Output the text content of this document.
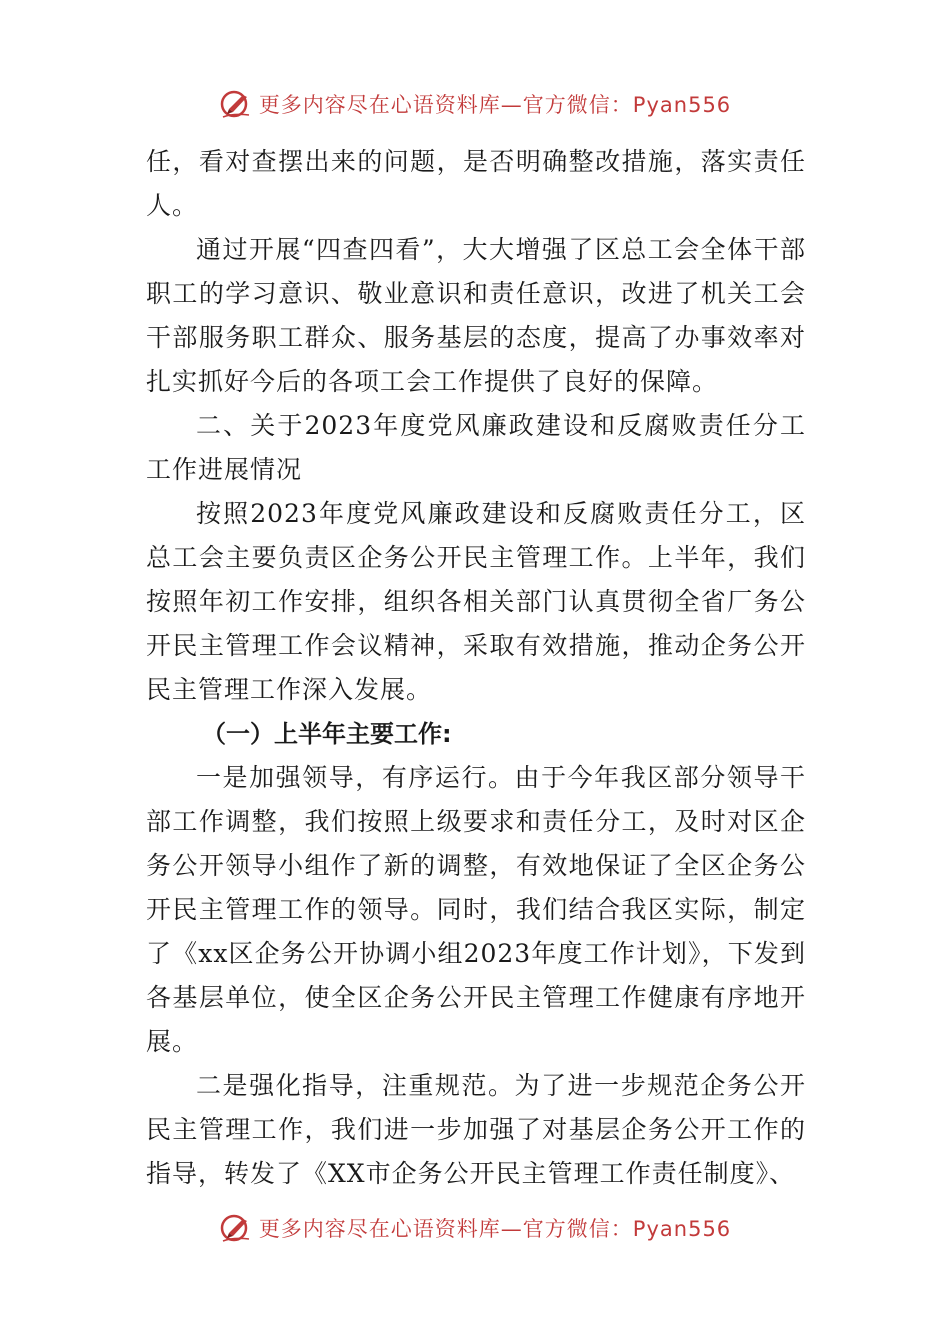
更多内容尽在心语资料库—官方微信：Pyan556

任，看对查摆出来的问题，是否明确整改措施，落实责任人。

通过开展“四查四看”，大大增强了区总工会全体干部职工的学习意识、敬业意识和责任意识，改进了机关工会干部服务职工群众、服务基层的态度，提高了办事效率对扎实抓好今后的各项工会工作提供了良好的保障。

二、关于2023年度党风廉政建设和反腐败责任分工工作进展情况

按照2023年度党风廉政建设和反腐败责任分工，区总工会主要负责区企务公开民主管理工作。上半年，我们按照年初工作安排，组织各相关部门认真贯彻全省厂务公开民主管理工作会议精神，采取有效措施，推动企务公开民主管理工作深入发展。

（一）上半年主要工作:

一是加强领导，有序运行。由于今年我区部分领导干部工作调整，我们按照上级要求和责任分工，及时对区企务公开领导小组作了新的调整，有效地保证了全区企务公开民主管理工作的领导。同时，我们结合我区实际，制定了《xx区企务公开协调小组2023年度工作计划》，下发到各基层单位，使全区企务公开民主管理工作健康有序地开展。

二是强化指导，注重规范。为了进一步规范企务公开民主管理工作，我们进一步加强了对基层企务公开工作的指导，转发了《XX市企务公开民主管理工作责任制度》、

更多内容尽在心语资料库—官方微信：Pyan556
